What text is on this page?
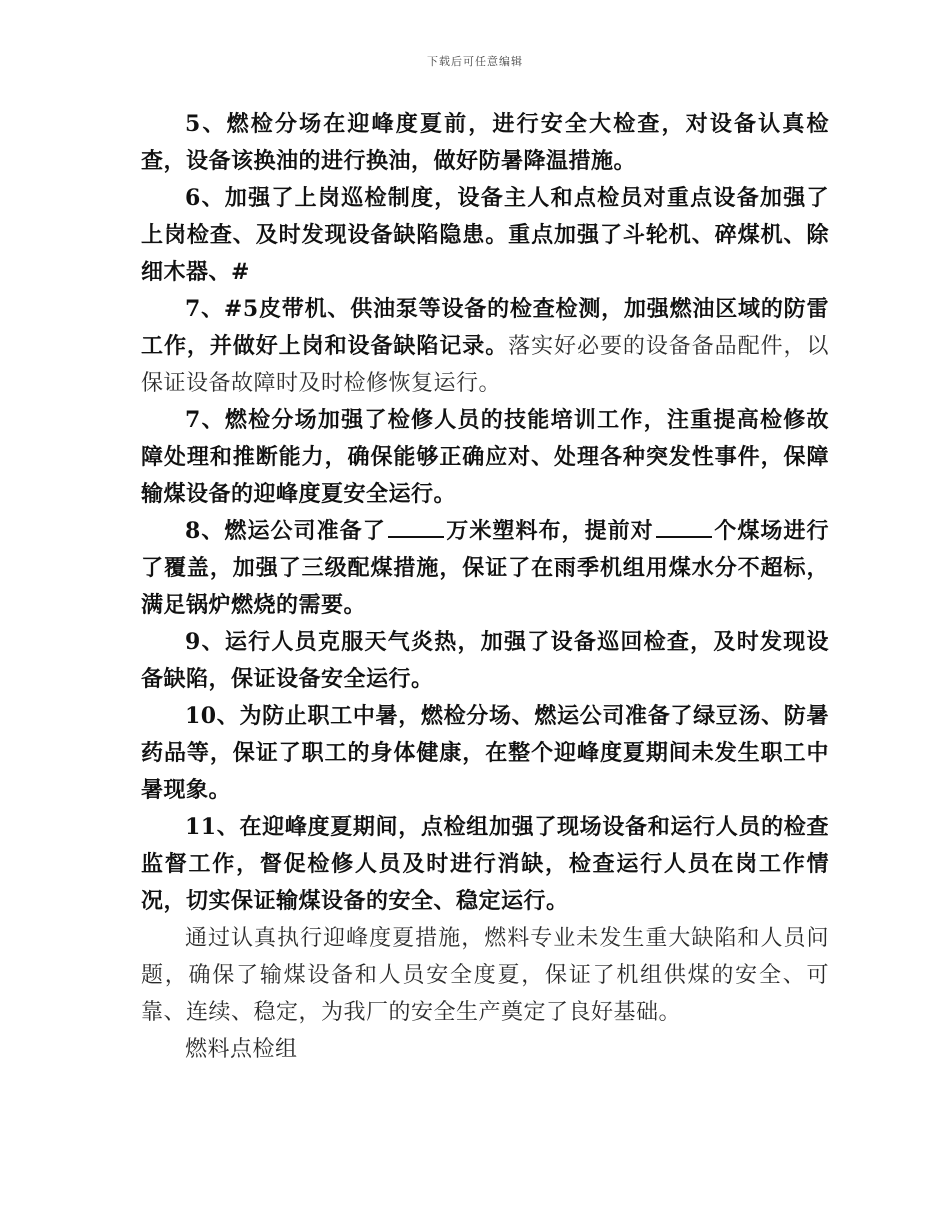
下载后可任意编辑

5、燃检分场在迎峰度夏前，进行安全大检查，对设备认真检查，设备该换油的进行换油，做好防暑降温措施。

6、加强了上岗巡检制度，设备主人和点检员对重点设备加强了上岗检查、及时发现设备缺陷隐患。重点加强了斗轮机、碎煤机、除细木器、#

7、#5皮带机、供油泵等设备的检查检测，加强燃油区域的防雷工作，并做好上岗和设备缺陷记录。落实好必要的设备备品配件，以保证设备故障时及时检修恢复运行。

7、燃检分场加强了检修人员的技能培训工作，注重提高检修故障处理和推断能力，确保能够正确应对、处理各种突发性事件，保障输煤设备的迎峰度夏安全运行。

8、燃运公司准备了	万米塑料布，提前对	个煤场进行了覆盖，加强了三级配煤措施，保证了在雨季机组用煤水分不超标，满足锅炉燃烧的需要。

9、运行人员克服天气炎热，加强了设备巡回检查，及时发现设备缺陷，保证设备安全运行。

10、为防止职工中暑，燃检分场、燃运公司准备了绿豆汤、防暑药品等，保证了职工的身体健康，在整个迎峰度夏期间未发生职工中暑现象。

11、在迎峰度夏期间，点检组加强了现场设备和运行人员的检查监督工作，督促检修人员及时进行消缺，检查运行人员在岗工作情况，切实保证输煤设备的安全、稳定运行。

通过认真执行迎峰度夏措施，燃料专业未发生重大缺陷和人员问题，确保了输煤设备和人员安全度夏，保证了机组供煤的安全、可靠、连续、稳定，为我厂的安全生产奠定了良好基础。

燃料点检组
